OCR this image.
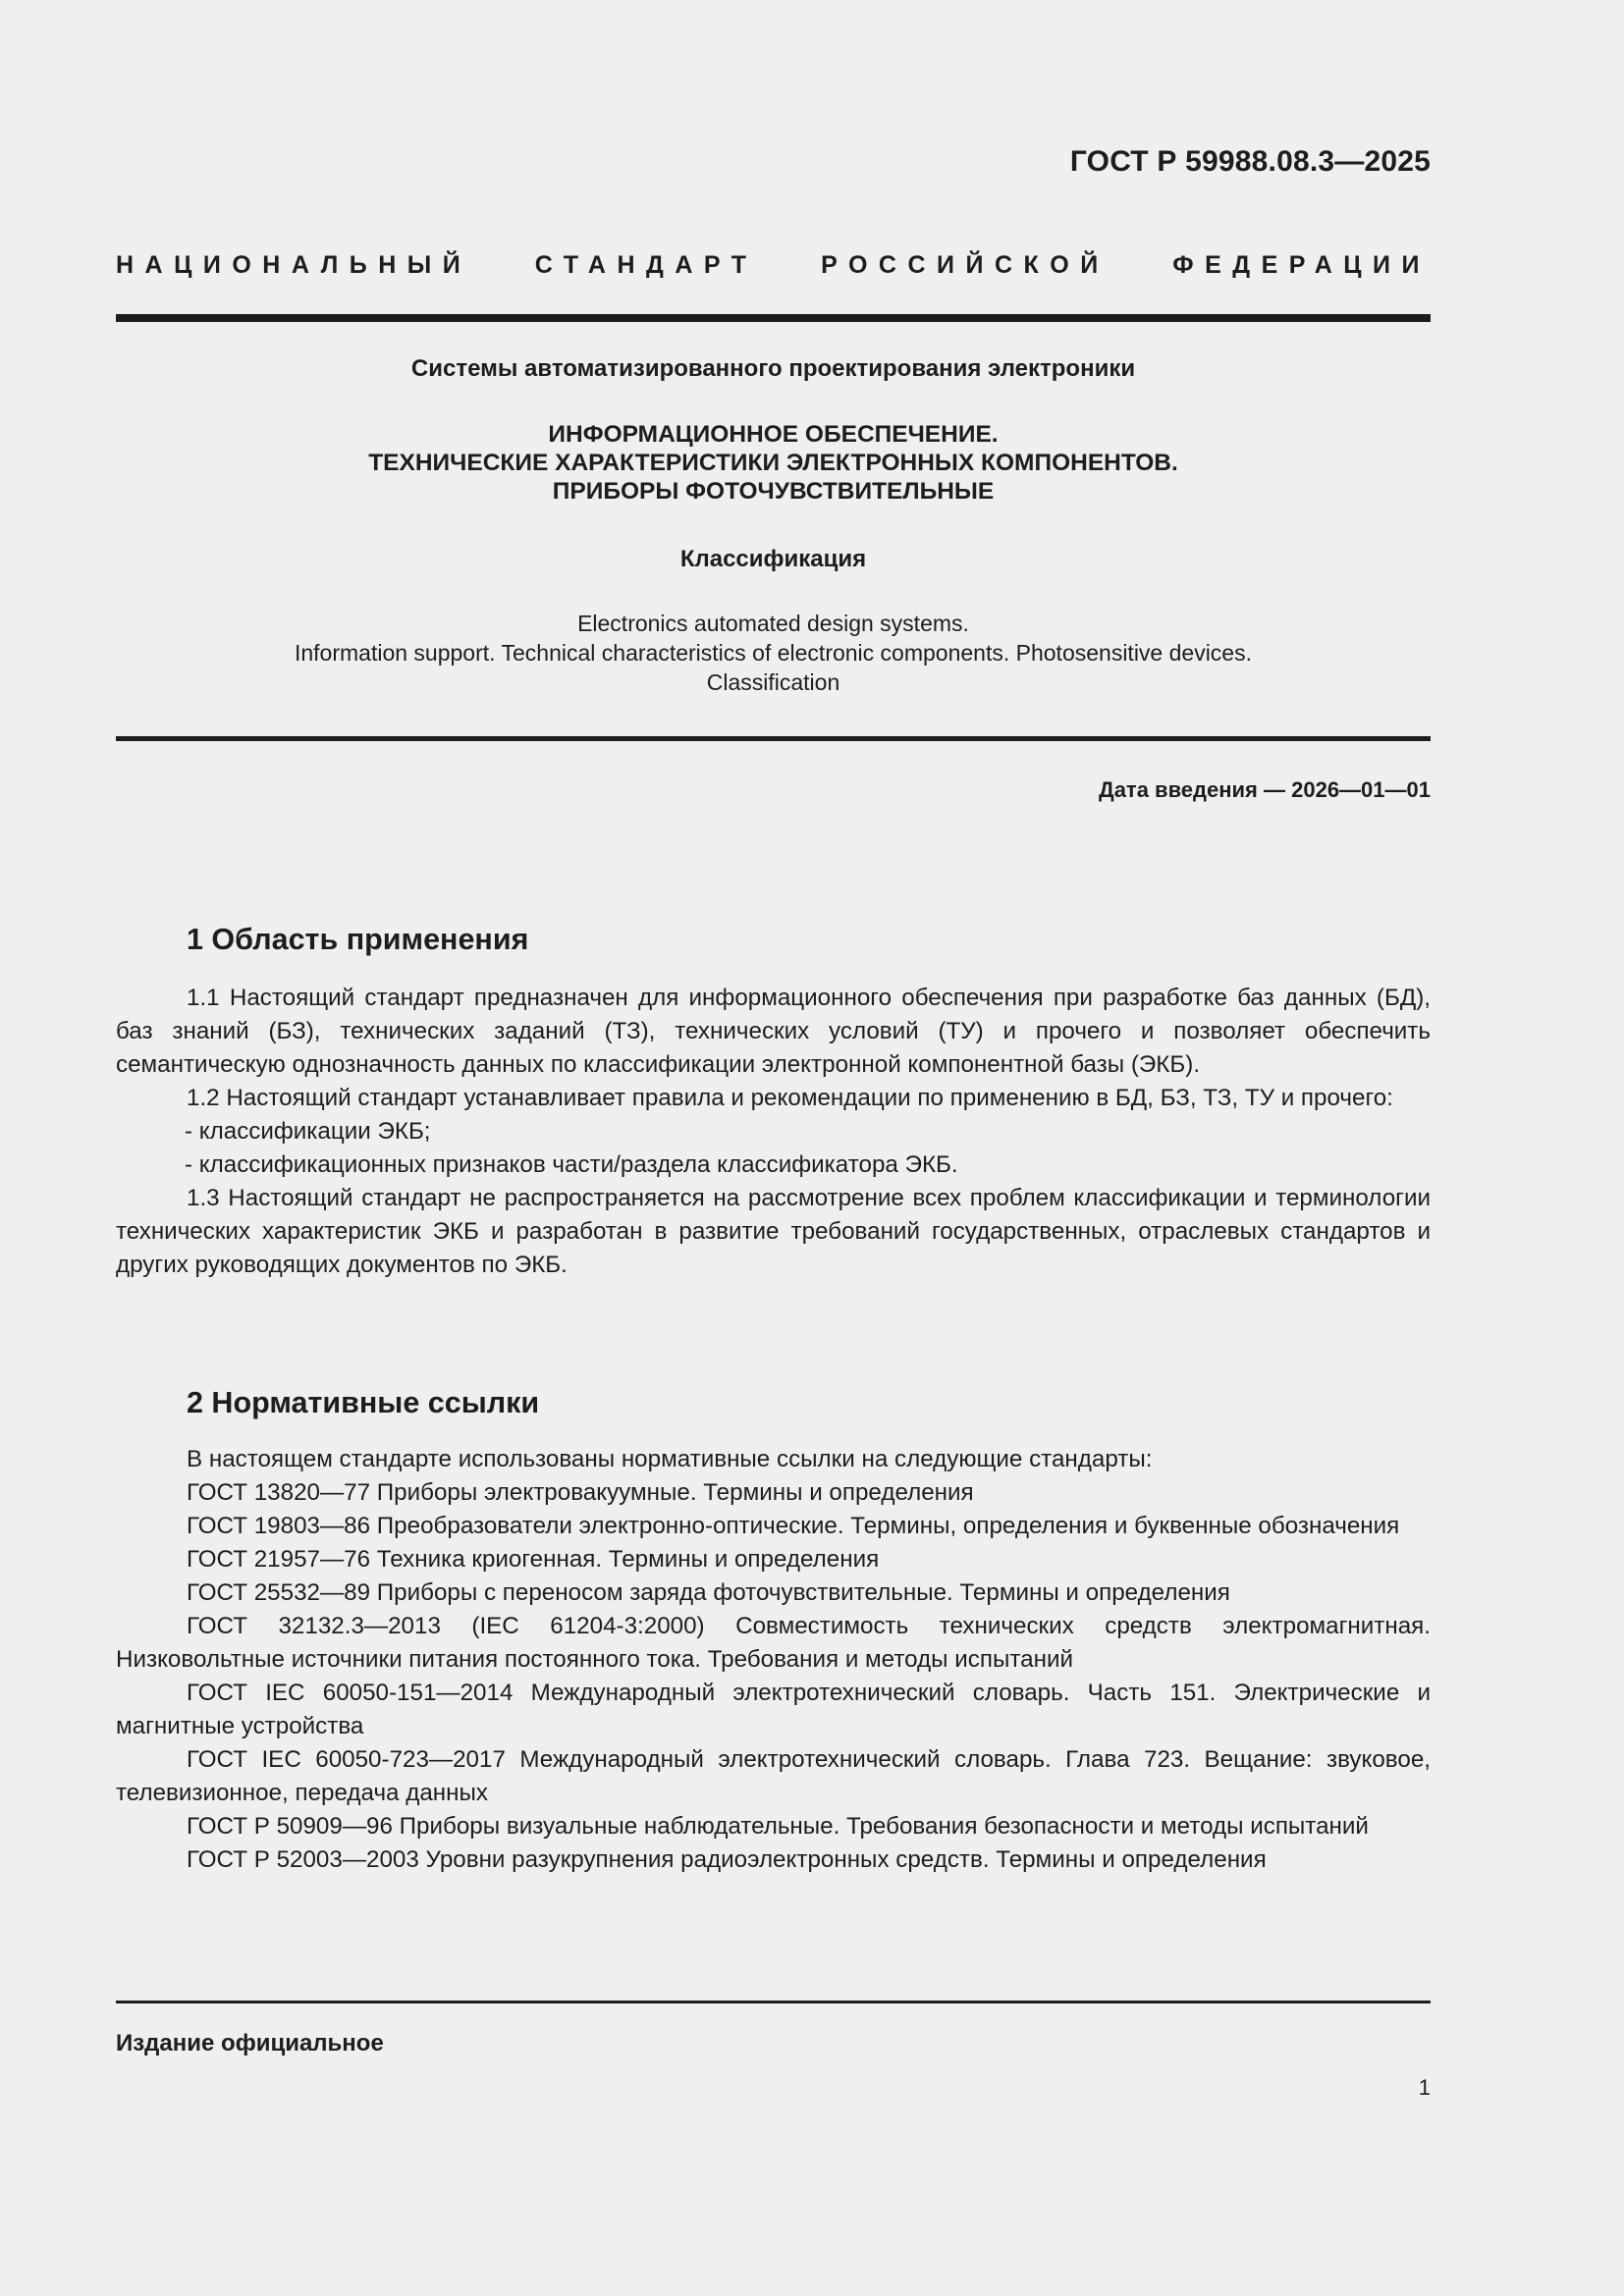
ГОСТ Р 59988.08.3—2025
НАЦИОНАЛЬНЫЙ СТАНДАРТ РОССИЙСКОЙ ФЕДЕРАЦИИ
Системы автоматизированного проектирования электроники
ИНФОРМАЦИОННОЕ ОБЕСПЕЧЕНИЕ.
ТЕХНИЧЕСКИЕ ХАРАКТЕРИСТИКИ ЭЛЕКТРОННЫХ КОМПОНЕНТОВ.
ПРИБОРЫ ФОТОЧУВСТВИТЕЛЬНЫЕ
Классификация
Electronics automated design systems.
Information support. Technical characteristics of electronic components. Photosensitive devices.
Classification
Дата введения — 2026—01—01
1 Область применения

1.1 Настоящий стандарт предназначен для информационного обеспечения при разработке баз данных (БД), баз знаний (БЗ), технических заданий (ТЗ), технических условий (ТУ) и прочего и позволяет обеспечить семантическую однозначность данных по классификации электронной компонентной базы (ЭКБ).

1.2 Настоящий стандарт устанавливает правила и рекомендации по применению в БД, БЗ, ТЗ, ТУ и прочего:

- классификации ЭКБ;

- классификационных признаков части/раздела классификатора ЭКБ.

1.3 Настоящий стандарт не распространяется на рассмотрение всех проблем классификации и терминологии технических характеристик ЭКБ и разработан в развитие требований государственных, отраслевых стандартов и других руководящих документов по ЭКБ.

2 Нормативные ссылки

В настоящем стандарте использованы нормативные ссылки на следующие стандарты:

ГОСТ 13820—77 Приборы электровакуумные. Термины и определения

ГОСТ 19803—86 Преобразователи электронно-оптические. Термины, определения и буквенные обозначения

ГОСТ 21957—76 Техника криогенная. Термины и определения

ГОСТ 25532—89 Приборы с переносом заряда фоточувствительные. Термины и определения

ГОСТ 32132.3—2013 (IEC 61204-3:2000) Совместимость технических средств электромагнитная. Низковольтные источники питания постоянного тока. Требования и методы испытаний

ГОСТ IEC 60050-151—2014 Международный электротехнический словарь. Часть 151. Электрические и магнитные устройства

ГОСТ IEC 60050-723—2017 Международный электротехнический словарь. Глава 723. Вещание: звуковое, телевизионное, передача данных

ГОСТ Р 50909—96 Приборы визуальные наблюдательные. Требования безопасности и методы испытаний

ГОСТ Р 52003—2003 Уровни разукрупнения радиоэлектронных средств. Термины и определения

Издание официальное
1
